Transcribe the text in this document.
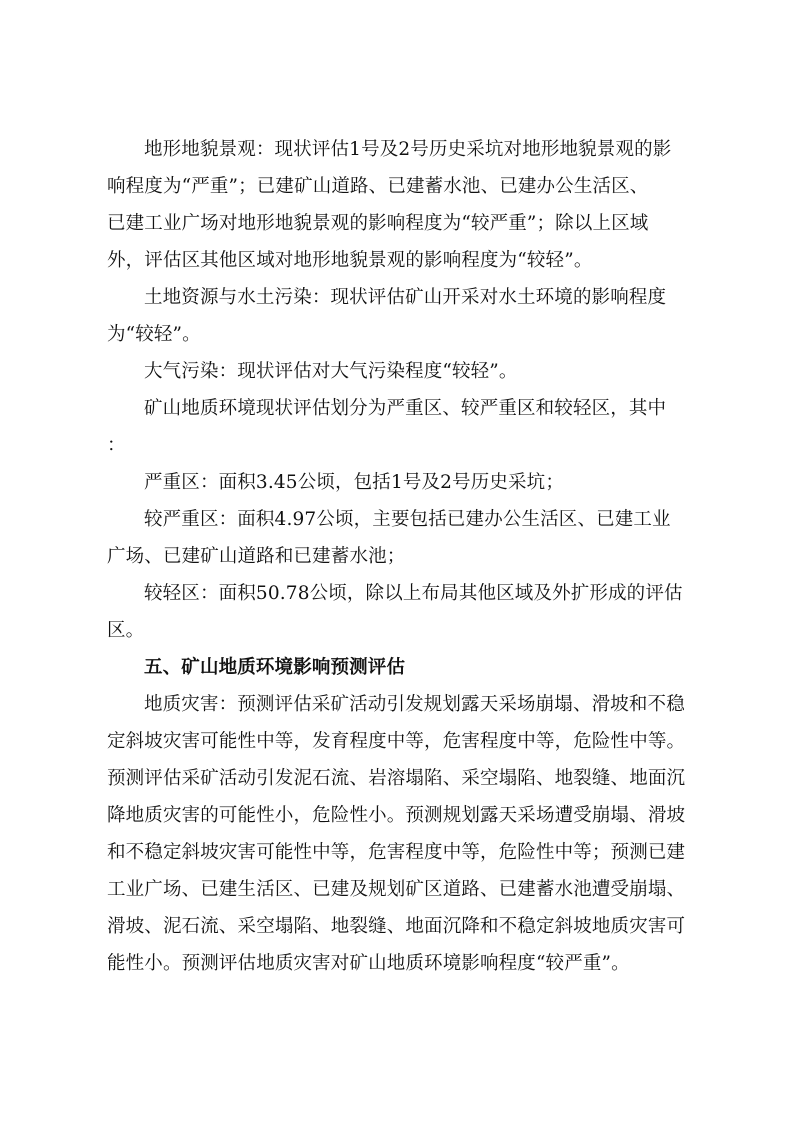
地形地貌景观：现状评估1号及2号历史采坑对地形地貌景观的影
响程度为“严重”；已建矿山道路、已建蓄水池、已建办公生活区、
已建工业广场对地形地貌景观的影响程度为“较严重”；除以上区域
外，评估区其他区域对地形地貌景观的影响程度为“较轻”。

土地资源与水土污染：现状评估矿山开采对水土环境的影响程度
为“较轻”。

大气污染：现状评估对大气污染程度“较轻”。

矿山地质环境现状评估划分为严重区、较严重区和较轻区，其中
：

严重区：面积3.45公顷，包括1号及2号历史采坑；

较严重区：面积4.97公顷，主要包括已建办公生活区、已建工业
广场、已建矿山道路和已建蓄水池；

较轻区：面积50.78公顷，除以上布局其他区域及外扩形成的评估
区。

五、矿山地质环境影响预测评估

地质灾害：预测评估采矿活动引发规划露天采场崩塌、滑坡和不稳
定斜坡灾害可能性中等，发育程度中等，危害程度中等，危险性中等。
预测评估采矿活动引发泥石流、岩溶塌陷、采空塌陷、地裂缝、地面沉
降地质灾害的可能性小，危险性小。预测规划露天采场遭受崩塌、滑坡
和不稳定斜坡灾害可能性中等，危害程度中等，危险性中等；预测已建
工业广场、已建生活区、已建及规划矿区道路、已建蓄水池遭受崩塌、
滑坡、泥石流、采空塌陷、地裂缝、地面沉降和不稳定斜坡地质灾害可
能性小。预测评估地质灾害对矿山地质环境影响程度“较严重”。
